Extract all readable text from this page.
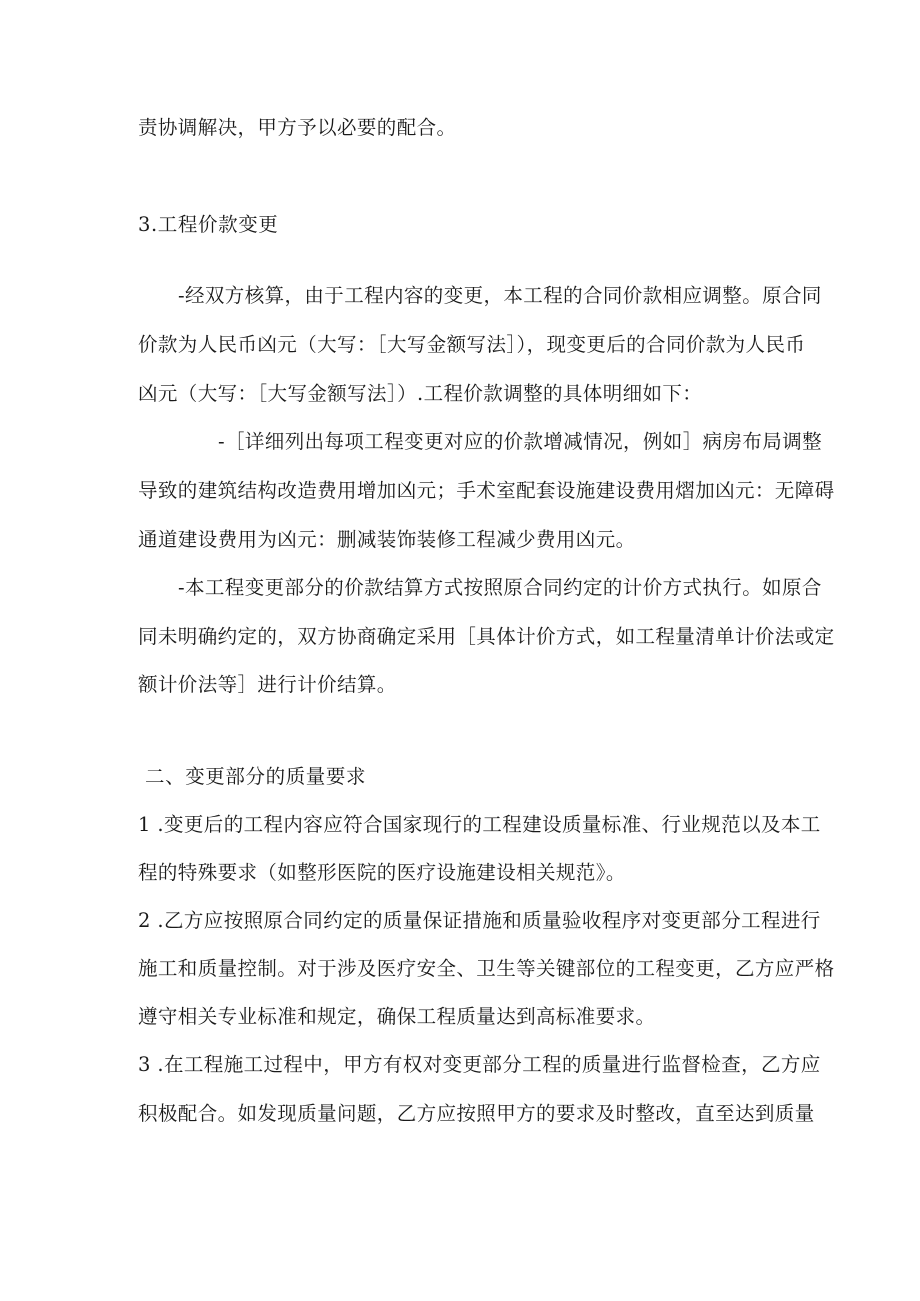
责协调解决，甲方予以必要的配合。
3.工程价款变更
-经双方核算，由于工程内容的变更，本工程的合同价款相应调整。原合同
价款为人民币凶元（大写：［大写金额写法］），现变更后的合同价款为人民币
凶元（大写：［大写金额写法］）.工程价款调整的具体明细如下：
-［详细列出每项工程变更对应的价款增减情况，例如］病房布局调整
导致的建筑结构改造费用增加凶元；手术室配套设施建设费用熠加凶元：无障碍
通道建设费用为凶元：删减装饰装修工程减少费用凶元。
-本工程变更部分的价款结算方式按照原合同约定的计价方式执行。如原合
同未明确约定的，双方协商确定采用［具体计价方式，如工程量清单计价法或定
额计价法等］进行计价结算。
二、变更部分的质量要求
1 .变更后的工程内容应符合国家现行的工程建设质量标准、行业规范以及本工
程的特殊要求（如整形医院的医疗设施建设相关规范》。
2 .乙方应按照原合同约定的质量保证措施和质量验收程序对变更部分工程进行
施工和质量控制。对于涉及医疗安全、卫生等关键部位的工程变更，乙方应严格
遵守相关专业标准和规定，确保工程质量达到高标准要求。
3 .在工程施工过程中，甲方有权对变更部分工程的质量进行监督检查，乙方应
积极配合。如发现质量问题，乙方应按照甲方的要求及时整改，直至达到质量
